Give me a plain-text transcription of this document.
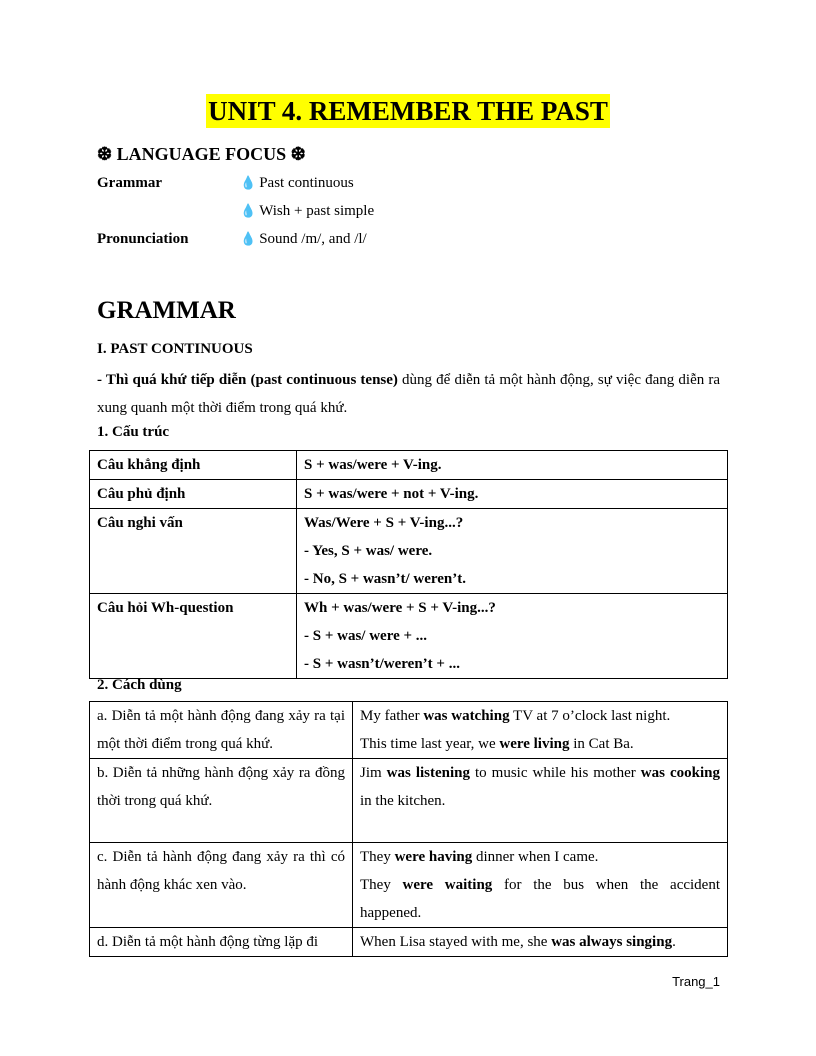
UNIT 4. REMEMBER THE PAST
❆ LANGUAGE FOCUS ❆
Grammar	💧 Past continuous
💧 Wish + past simple
Pronunciation	💧 Sound /m/, and /l/
GRAMMAR
I. PAST CONTINUOUS
- Thì quá khứ tiếp diễn (past continuous tense) dùng để diễn tả một hành động, sự việc đang diễn ra xung quanh một thời điểm trong quá khứ.
1. Cấu trúc
Câu khẳng định	S + was/were + V-ing.
Câu phủ định	S + was/were + not + V-ing.
Câu nghi vấn	Was/Were + S + V-ing...?
- Yes, S + was/ were.
- No, S + wasn’t/ weren’t.

Câu hỏi Wh-question	Wh + was/were + S + V-ing...?
- S + was/ were + ...
- S + wasn’t/weren’t + ...
2. Cách dùng
a. Diễn tả một hành động đang xảy ra tại một thời điểm trong quá khứ.	My father was watching TV at 7 o’clock last night.
This time last year, we were living in Cat Ba.

b. Diễn tả những hành động xảy ra đồng thời trong quá khứ.	Jim was listening to music while his mother was cooking in the kitchen.
c. Diễn tả hành động đang xảy ra thì có hành động khác xen vào.	They were having dinner when I came.
They were waiting for the bus when the accident happened.

d. Diễn tả một hành động từng lặp đi	When Lisa stayed with me, she was always singing.
Trang_1
